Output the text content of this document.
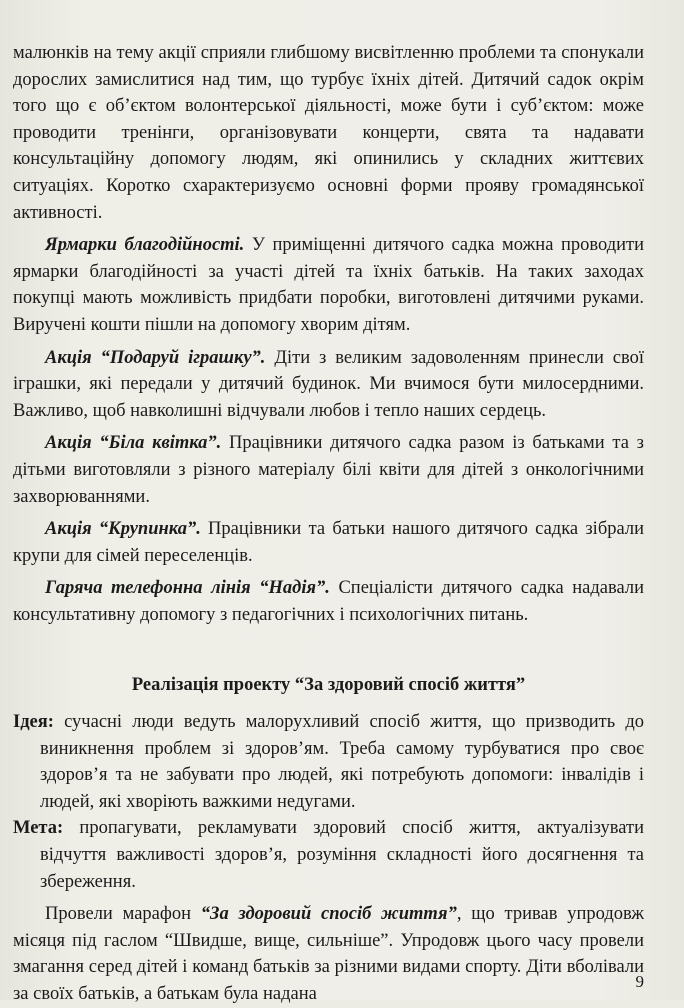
малюнків на тему акції сприяли глибшому висвітленню проблеми та спонукали дорослих замислитися над тим, що турбує їхніх дітей. Дитячий садок окрім того що є об’єктом волонтерської діяльності, може бути і суб’єктом: може проводити тренінги, організовувати концерти, свята та надавати консультаційну допомогу людям, які опинились у складних життєвих ситуаціях. Коротко схарактеризуємо основні форми прояву громадянської активності.

Ярмарки благодійності. У приміщенні дитячого садка можна проводити ярмарки благодійності за участі дітей та їхніх батьків. На таких заходах покупці мають можливість придбати поробки, виготовлені дитячими руками. Виручені кошти пішли на допомогу хворим дітям.

Акція “Подаруй іграшку”. Діти з великим задоволенням принесли свої іграшки, які передали у дитячий будинок. Ми вчимося бути милосердними. Важливо, щоб навколишні відчували любов і тепло наших сердець.

Акція “Біла квітка”. Працівники дитячого садка разом із батьками та з дітьми виготовляли з різного матеріалу білі квіти для дітей з онкологічними захворюваннями.

Акція “Крупинка”. Працівники та батьки нашого дитячого садка зібрали крупи для сімей переселенців.

Гаряча телефонна лінія “Надія”. Спеціалісти дитячого садка надавали консультативну допомогу з педагогічних і психологічних питань.

Реалізація проекту “За здоровий спосіб життя”

Ідея: сучасні люди ведуть малорухливий спосіб життя, що призводить до виникнення проблем зі здоров’ям. Треба самому турбуватися про своє здоров’я та не забувати про людей, які потребують допомоги: інвалідів і людей, які хворіють важкими недугами.

Мета: пропагувати, рекламувати здоровий спосіб життя, актуалізувати відчуття важливості здоров’я, розуміння складності його досягнення та збереження.

Провели марафон “За здоровий спосіб життя”, що тривав упродовж місяця під гаслом “Швидше, вище, сильніше”. Упродовж цього часу провели змагання серед дітей і команд батьків за різними видами спорту. Діти вболівали за своїх батьків, а батькам була надана

9
